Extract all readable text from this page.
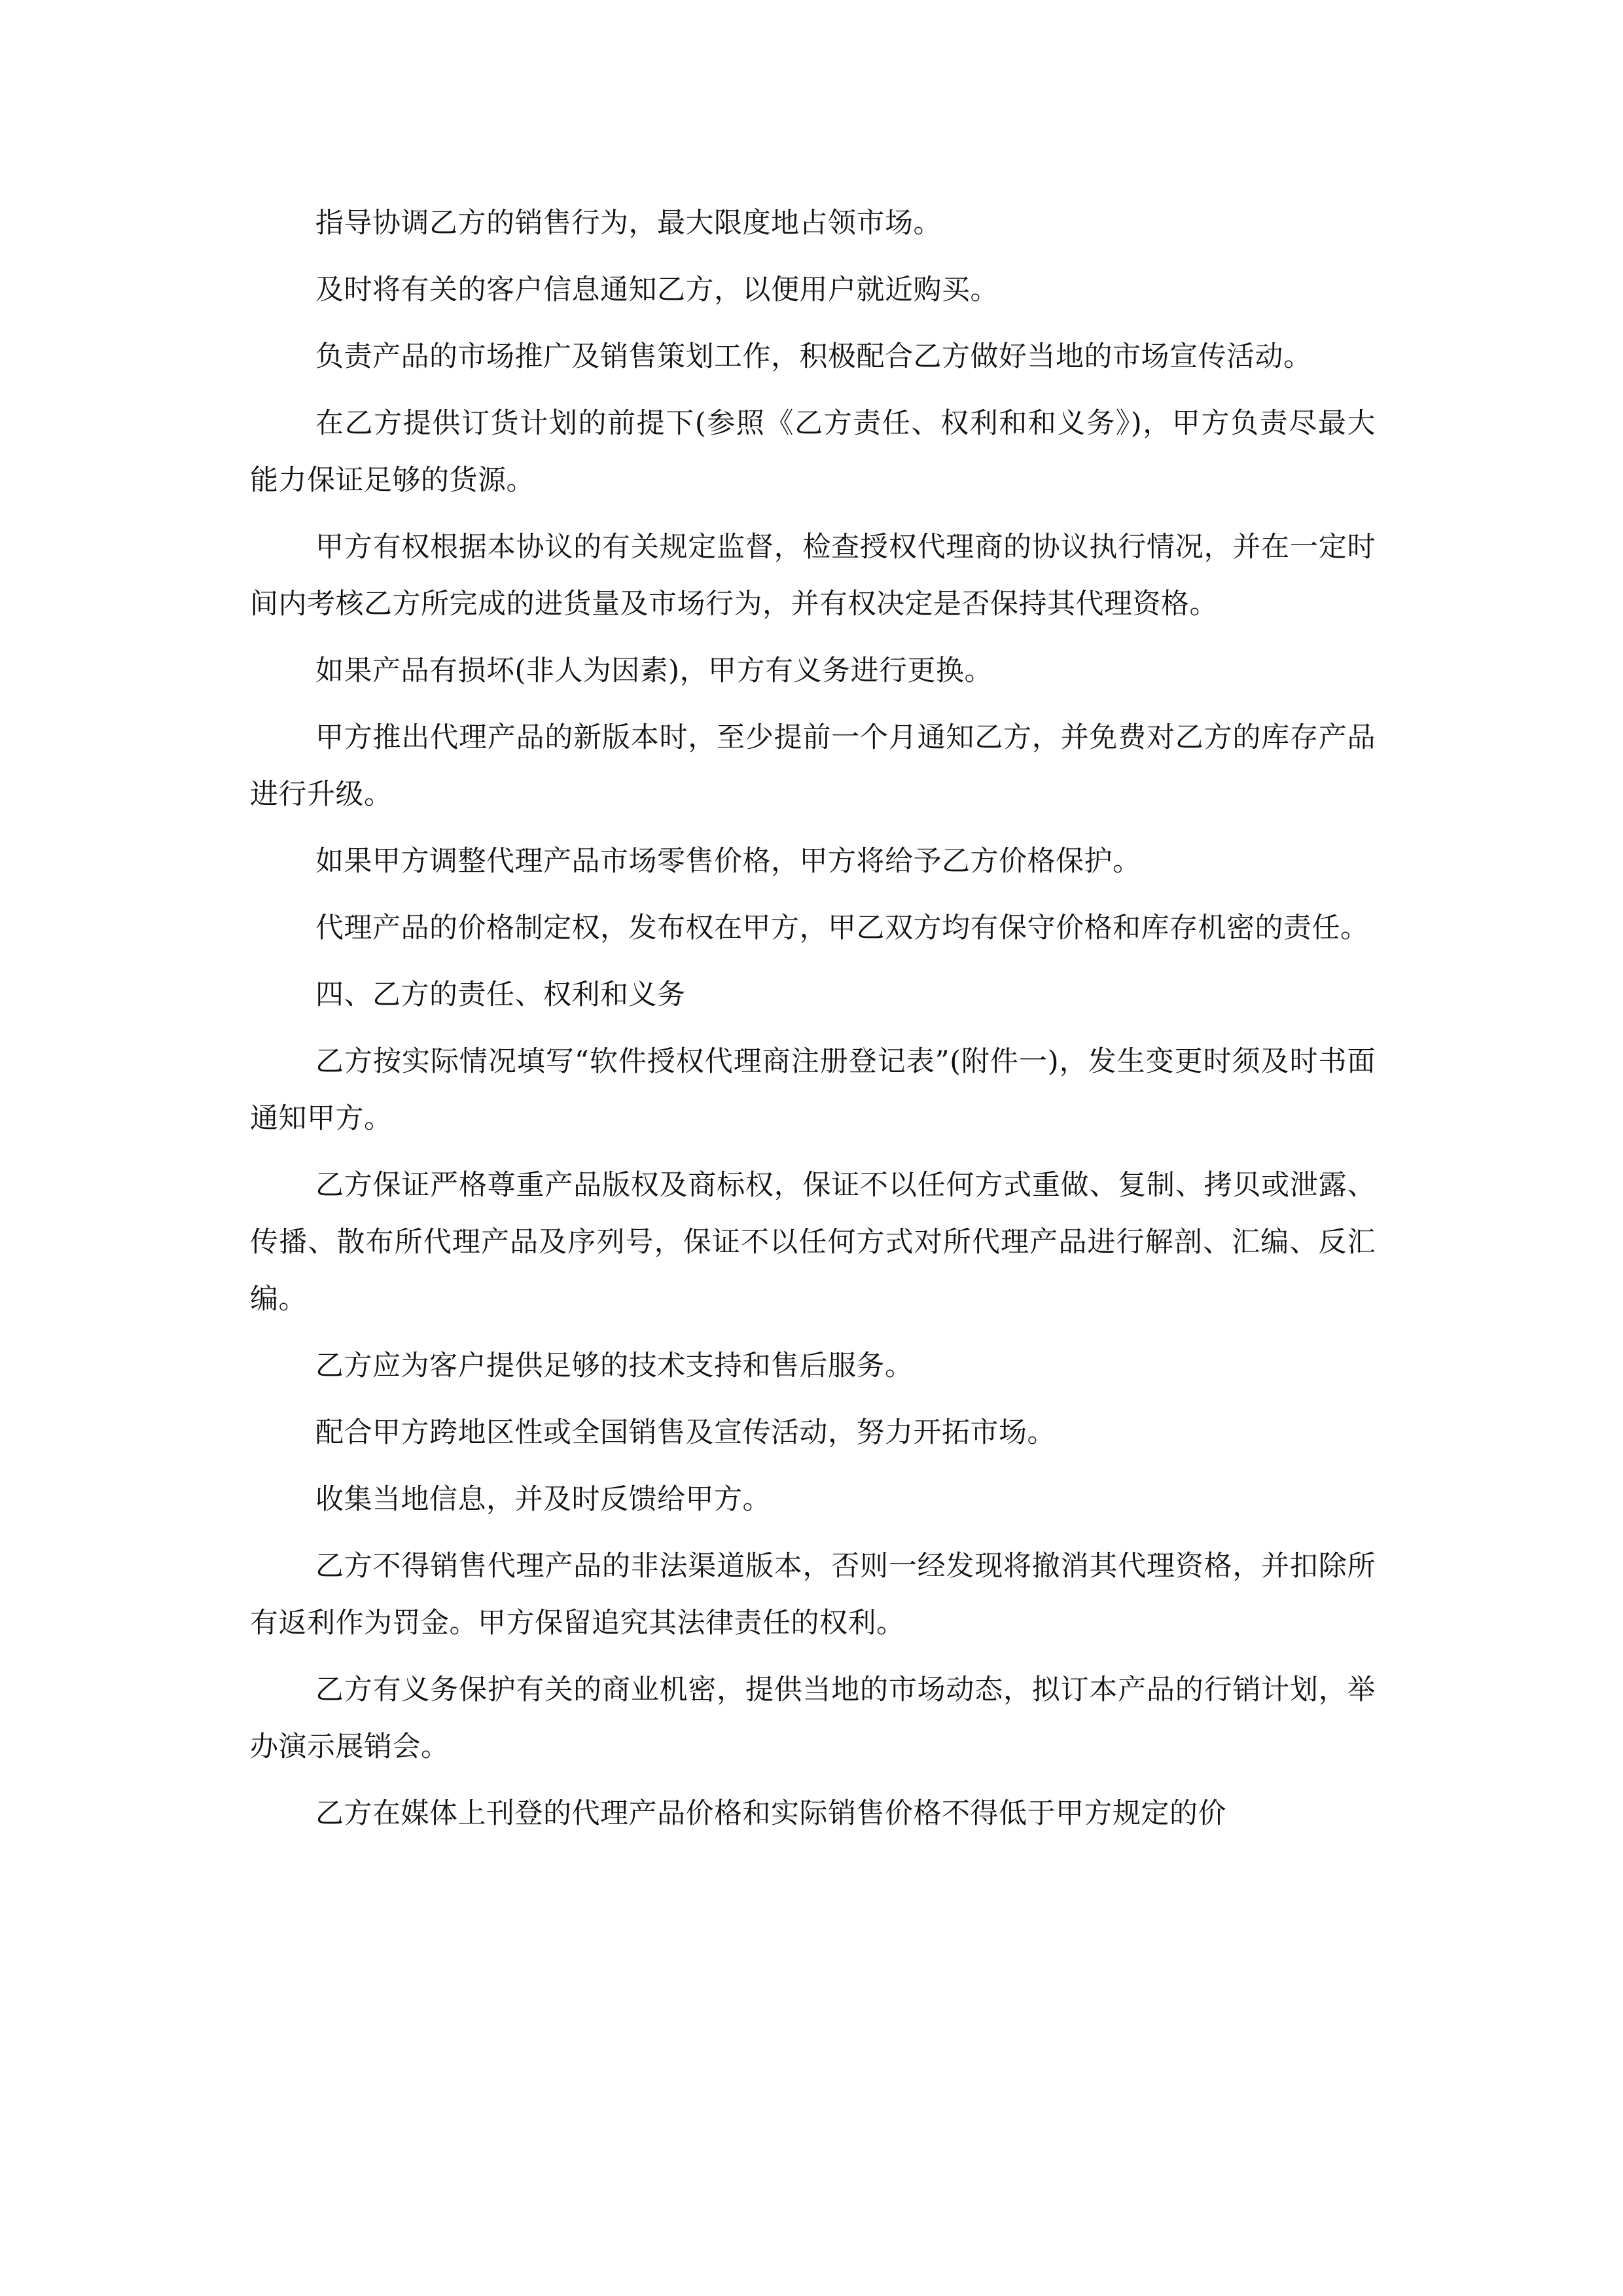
指导协调乙方的销售行为，最大限度地占领市场。

及时将有关的客户信息通知乙方，以便用户就近购买。

负责产品的市场推广及销售策划工作，积极配合乙方做好当地的市场宣传活动。

在乙方提供订货计划的前提下(参照《乙方责任、权利和和义务》)，甲方负责尽最大能力保证足够的货源。

甲方有权根据本协议的有关规定监督，检查授权代理商的协议执行情况，并在一定时间内考核乙方所完成的进货量及市场行为，并有权决定是否保持其代理资格。

如果产品有损坏(非人为因素)，甲方有义务进行更换。

甲方推出代理产品的新版本时，至少提前一个月通知乙方，并免费对乙方的库存产品进行升级。

如果甲方调整代理产品市场零售价格，甲方将给予乙方价格保护。

代理产品的价格制定权，发布权在甲方，甲乙双方均有保守价格和库存机密的责任。

四、乙方的责任、权利和义务

乙方按实际情况填写“软件授权代理商注册登记表”(附件一)，发生变更时须及时书面通知甲方。

乙方保证严格尊重产品版权及商标权，保证不以任何方式重做、复制、拷贝或泄露、传播、散布所代理产品及序列号，保证不以任何方式对所代理产品进行解剖、汇编、反汇编。

乙方应为客户提供足够的技术支持和售后服务。

配合甲方跨地区性或全国销售及宣传活动，努力开拓市场。

收集当地信息，并及时反馈给甲方。

乙方不得销售代理产品的非法渠道版本，否则一经发现将撤消其代理资格，并扣除所有返利作为罚金。甲方保留追究其法律责任的权利。

乙方有义务保护有关的商业机密，提供当地的市场动态，拟订本产品的行销计划，举办演示展销会。

乙方在媒体上刊登的代理产品价格和实际销售价格不得低于甲方规定的价
